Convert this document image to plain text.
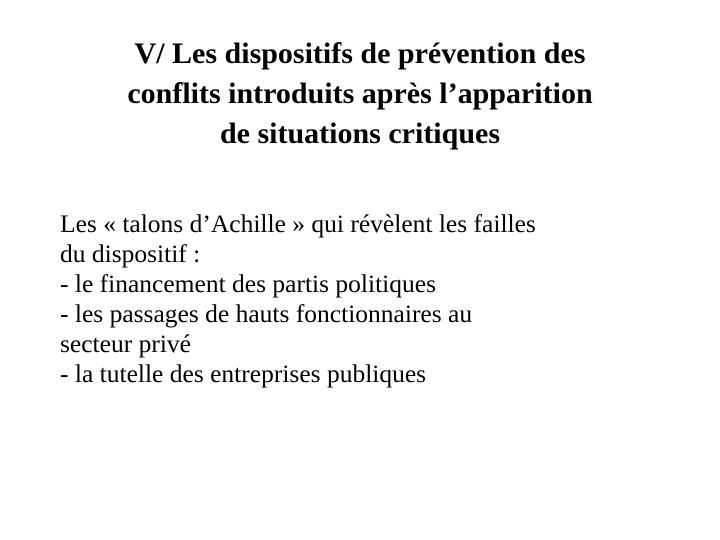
V/ Les dispositifs de prévention des
conflits introduits après l’apparition
de situations critiques

Les « talons d’Achille » qui révèlent les failles
du dispositif :

- le financement des partis politiques

- les passages de hauts fonctionnaires au
secteur privé

- la tutelle des entreprises publiques
